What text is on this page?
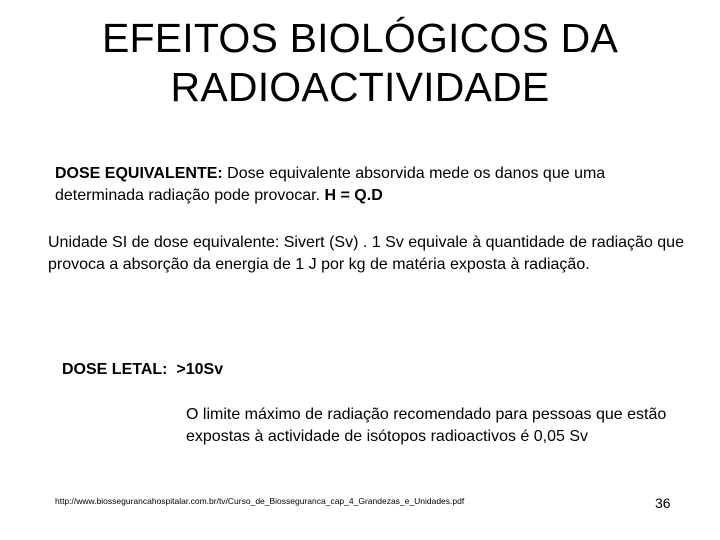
EFEITOS BIOLÓGICOS DA
RADIOACTIVIDADE
DOSE EQUIVALENTE: Dose equivalente absorvida mede os danos que uma determinada radiação pode provocar. H = Q.D
Unidade SI de dose equivalente: Sivert (Sv) . 1 Sv equivale à quantidade de radiação que provoca a absorção da energia de 1 J por kg de matéria exposta à radiação.
DOSE LETAL: >10Sv
O limite máximo de radiação recomendado para pessoas que estão expostas à actividade de isótopos radioactivos é 0,05 Sv
http://www.biossegurancahospitalar.com.br/tv/Curso_de_Biosseguranca_cap_4_Grandezas_e_Unidades.pdf	36
